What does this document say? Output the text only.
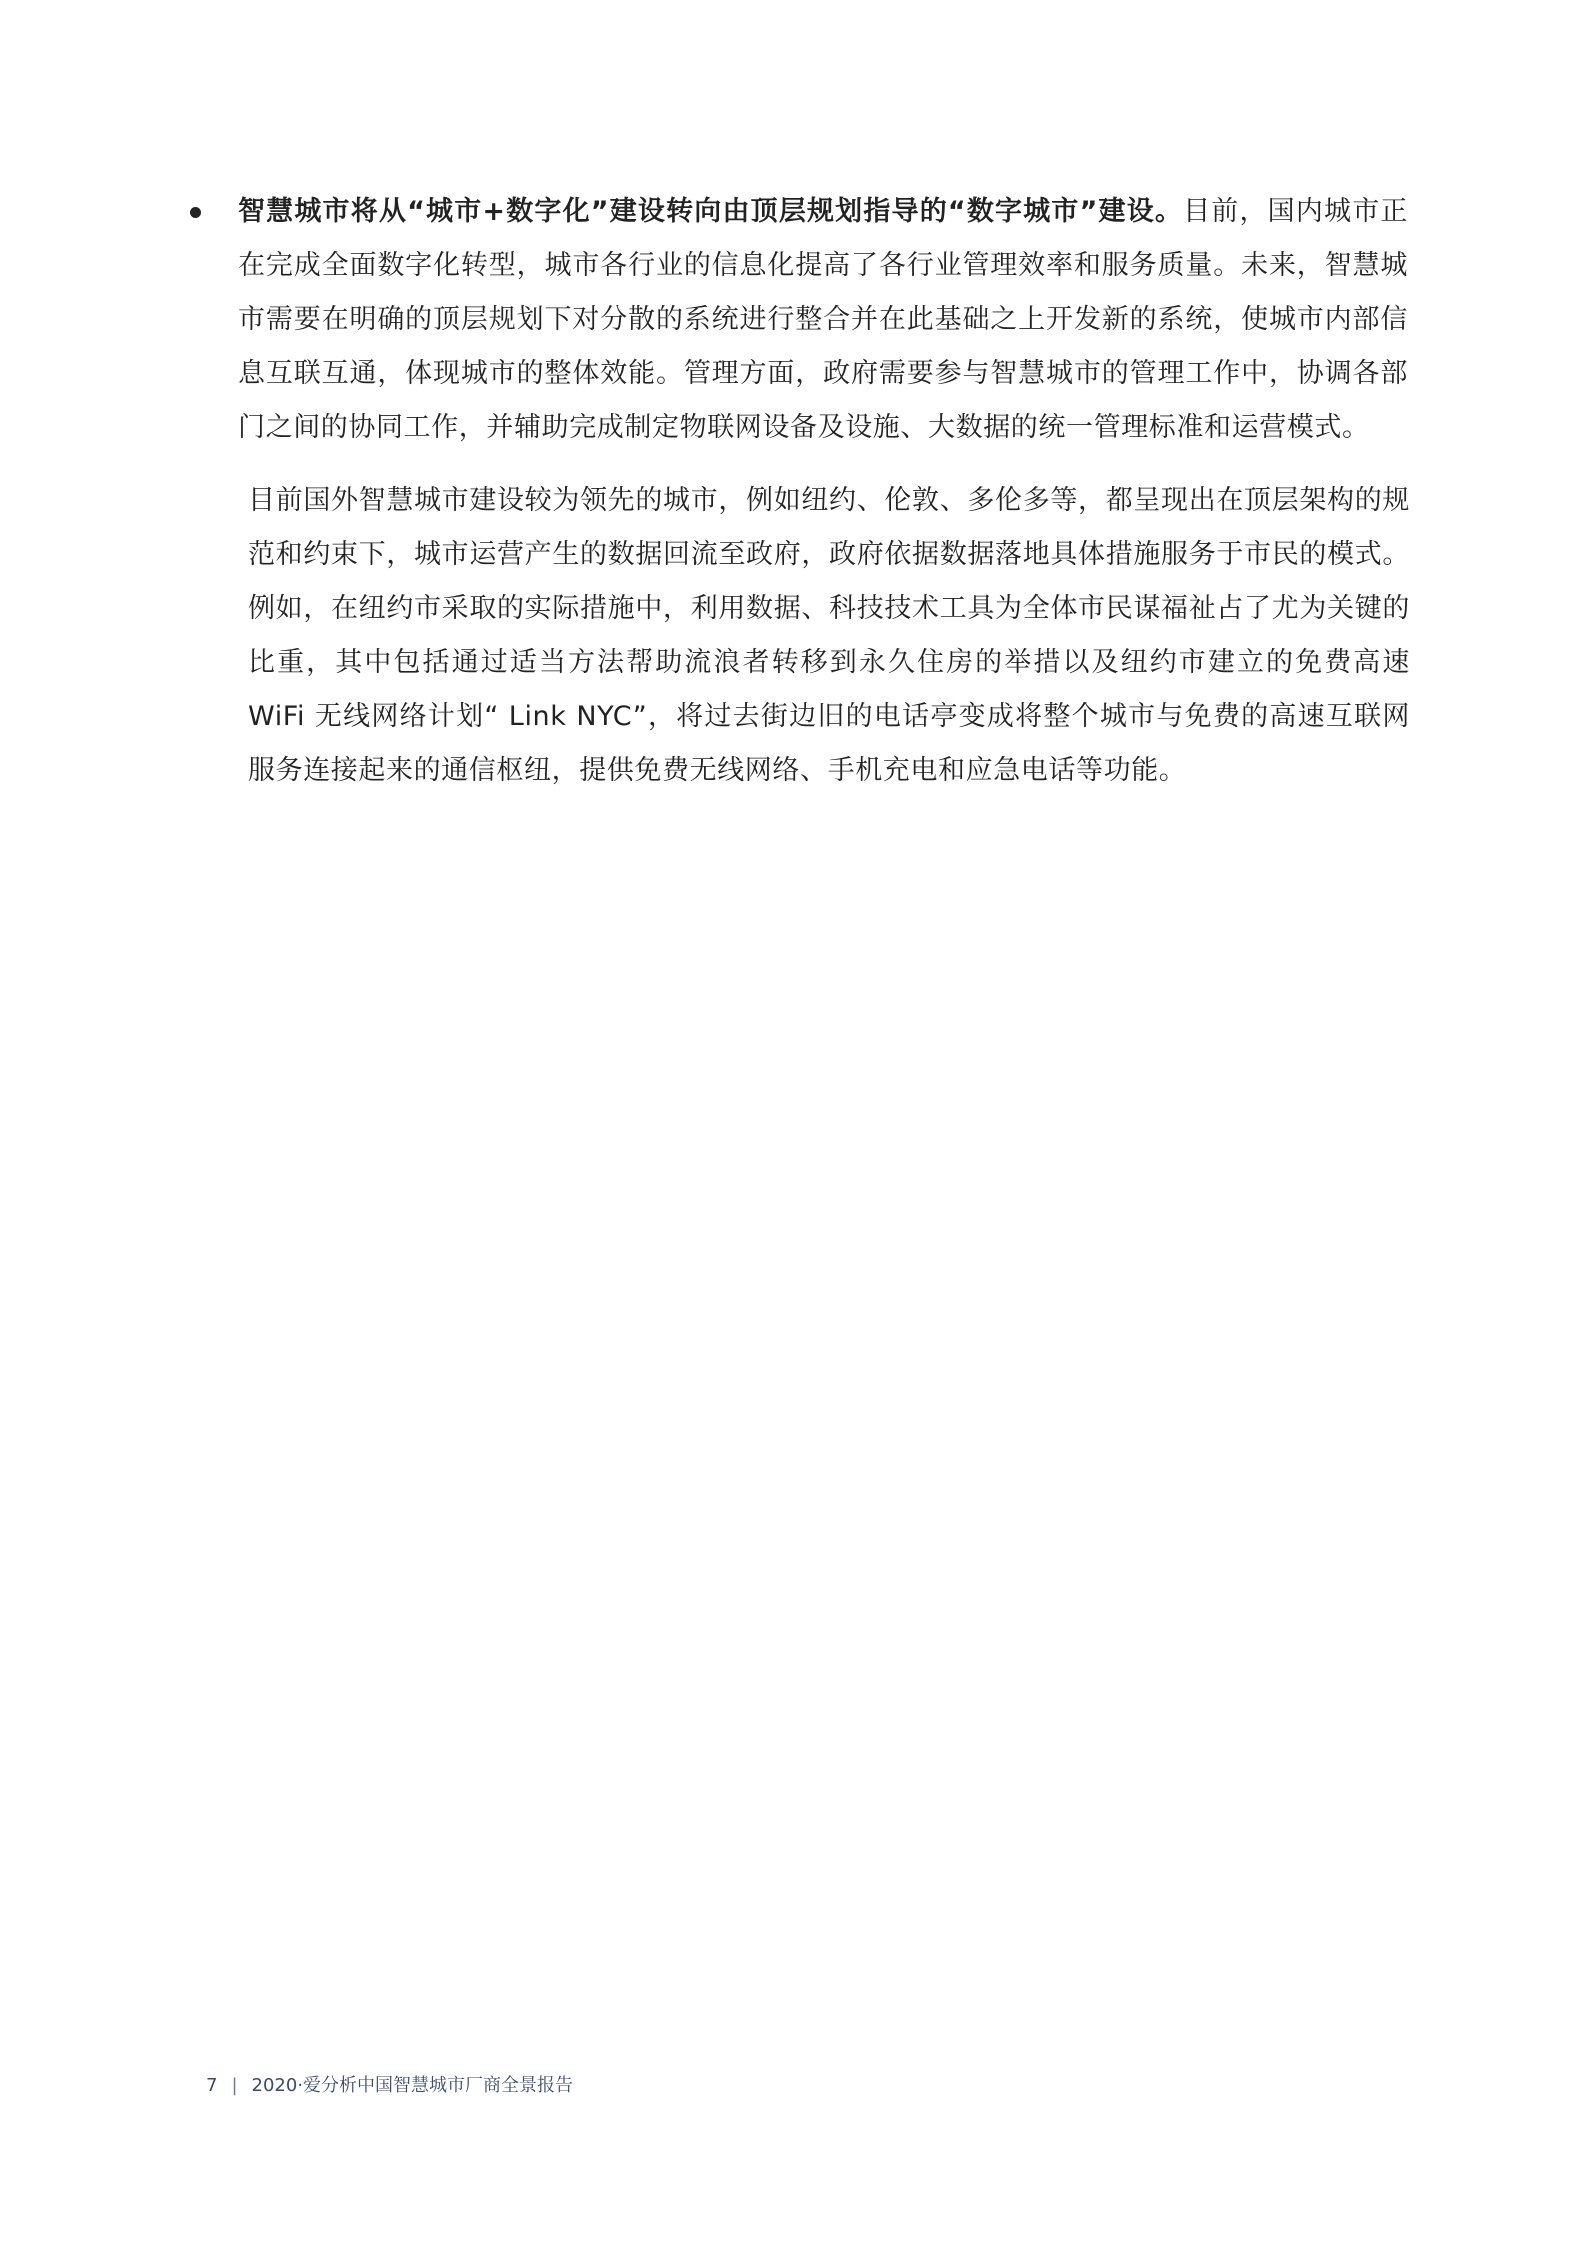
智慧城市将从“城市+数字化”建设转向由顶层规划指导的“数字城市”建设。目前，国内城市正在完成全面数字化转型，城市各行业的信息化提高了各行业管理效率和服务质量。未来，智慧城市需要在明确的顶层规划下对分散的系统进行整合并在此基础之上开发新的系统，使城市内部信息互联互通，体现城市的整体效能。管理方面，政府需要参与智慧城市的管理工作中，协调各部门之间的协同工作，并辅助完成制定物联网设备及设施、大数据的统一管理标准和运营模式。

目前国外智慧城市建设较为领先的城市，例如纽约、伦敦、多伦多等，都呈现出在顶层架构的规范和约束下，城市运营产生的数据回流至政府，政府依据数据落地具体措施服务于市民的模式。例如，在纽约市采取的实际措施中，利用数据、科技技术工具为全体市民谋福祉占了尤为关键的比重，其中包括通过适当方法帮助流浪者转移到永久住房的举措以及纽约市建立的免费高速 WiFi 无线网络计划“ Link NYC”，将过去街边旧的电话亭变成将整个城市与免费的高速互联网服务连接起来的通信枢纽，提供免费无线网络、手机充电和应急电话等功能。

7 | 2020·爱分析中国智慧城市厂商全景报告
